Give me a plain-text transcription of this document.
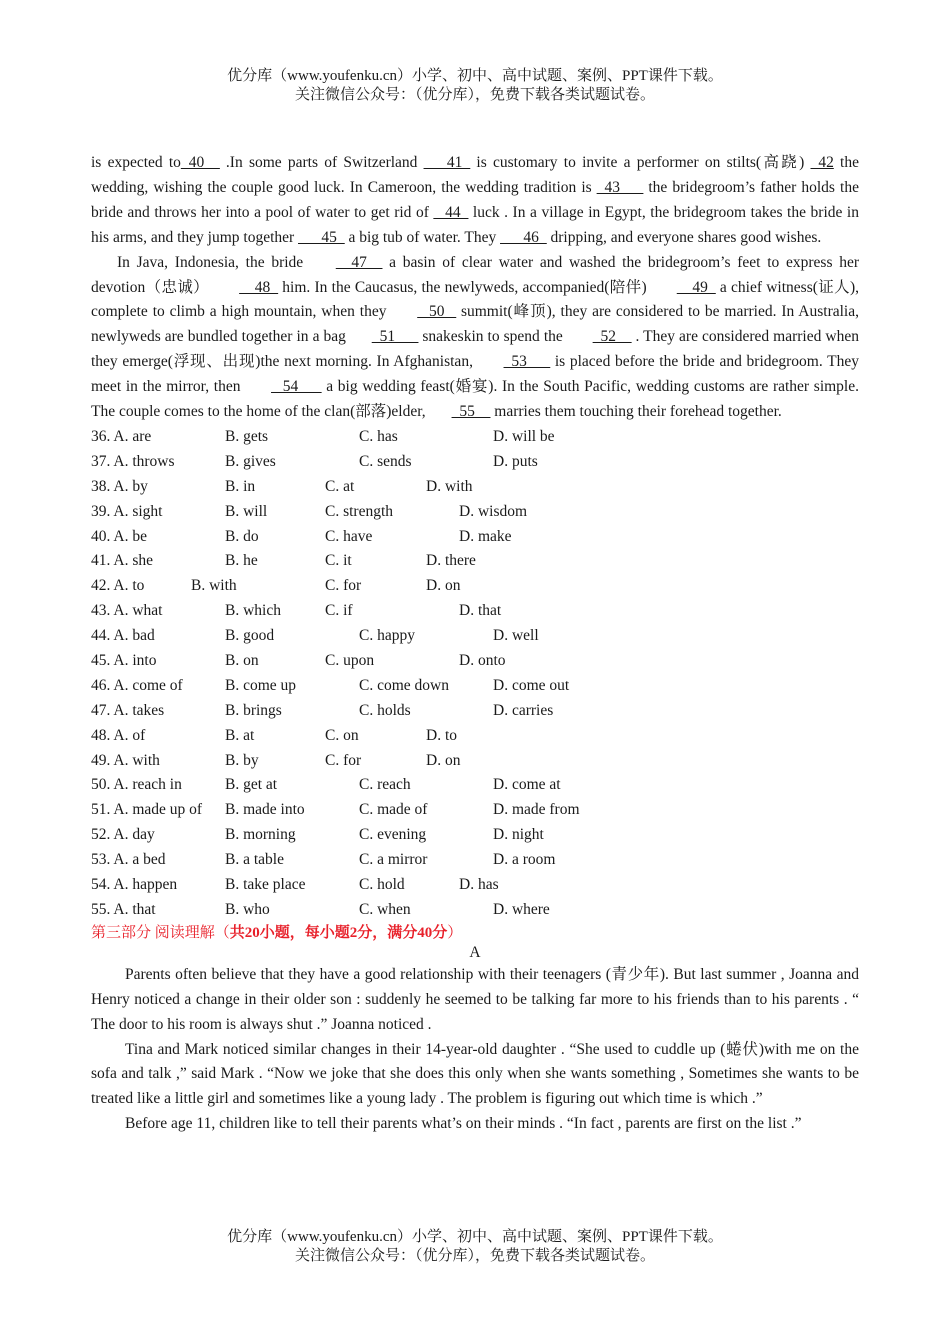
优分库（www.youfenku.cn）小学、初中、高中试题、案例、PPT课件下载。
关注微信公众号：（优分库），免费下载各类试题试卷。

is expected to_40__ .In some parts of Switzerland ___41_ is customary to invite a performer on stilts(高跷) _42 the wedding, wishing the couple good luck. In Cameroon, the wedding tradition is _43___ the bridegroom’s father holds the bride and throws her into a pool of water to get rid of _ 44_ luck . In a village in Egypt, the bridegroom takes the bride in his arms, and they jump together ___45_ a big tub of water. They ___46_ dripping, and everyone shares good wishes.

In Java, Indonesia, the bride __47__ a basin of clear water and washed the bridegroom’s feet to express her devotion（忠诚） __48_ him. In the Caucasus, the newlyweds, accompanied(陪伴) __49_ a chief witness(证人), complete to climb a high mountain, when they _ 50 _ summit(峰顶), they are considered to be married. In Australia, newlyweds are bundled together in a bag _51___ snakeskin to spend the _52__ . They are considered married when they emerge(浮现、出现)the next morning. In Afghanistan, _53___ is placed before the bride and bridegroom. They meet in the mirror, then _ 54___ a big wedding feast(婚宴). In the South Pacific, wedding customs are rather simple. The couple comes to the home of the clan(部落)elder, _55__ marries them touching their forehead together.

36. A. are	B. gets	C. has	D. will be
37. A. throws	B. gives	C. sends	D. puts
38. A. by	B. in	C. at	D. with
39. A. sight	B. will	C. strength	D. wisdom
40. A. be	B. do	C. have	D. make
41. A. she	B. he	C. it	D. there
42. A. to	B. with	C. for	D. on
43. A. what	B. which	C. if	D. that
44. A. bad	B. good	C. happy	D. well
45. A. into	B. on	C. upon	D. onto
46. A. come of	B. come up	C. come down	D. come out
47. A. takes	B. brings	C. holds	D. carries
48. A. of	B. at	C. on	D. to
49. A. with	B. by	C. for	D. on
50. A. reach in	B. get at	C. reach	D. come at
51. A. made up of B. made into	C. made of	D. made from
52. A. day	B. morning	C. evening	D. night
53. A. a bed	B. a table	C. a mirror	D. a room
54. A. happen	B. take place	C. hold	D. has
55. A. that	B. who	C. when	D. where
第三部分 阅读理解（共20小题，每小题2分，满分40分）
A

Parents often believe that they have a good relationship with their teenagers (青少年). But last summer , Joanna and Henry noticed a change in their older son : suddenly he seemed to be talking far more to his friends than to his parents . “ The door to his room is always shut .” Joanna noticed .

Tina and Mark noticed similar changes in their 14-year-old daughter . “She used to cuddle up (蜷伏)with me on the sofa and talk ,” said Mark . “Now we joke that she does this only when she wants something , Sometimes she wants to be treated like a little girl and sometimes like a young lady . The problem is figuring out which time is which .”

Before age 11, children like to tell their parents what’s on their minds . “In fact , parents are first on the list .”

优分库（www.youfenku.cn）小学、初中、高中试题、案例、PPT课件下载。
关注微信公众号：（优分库），免费下载各类试题试卷。
